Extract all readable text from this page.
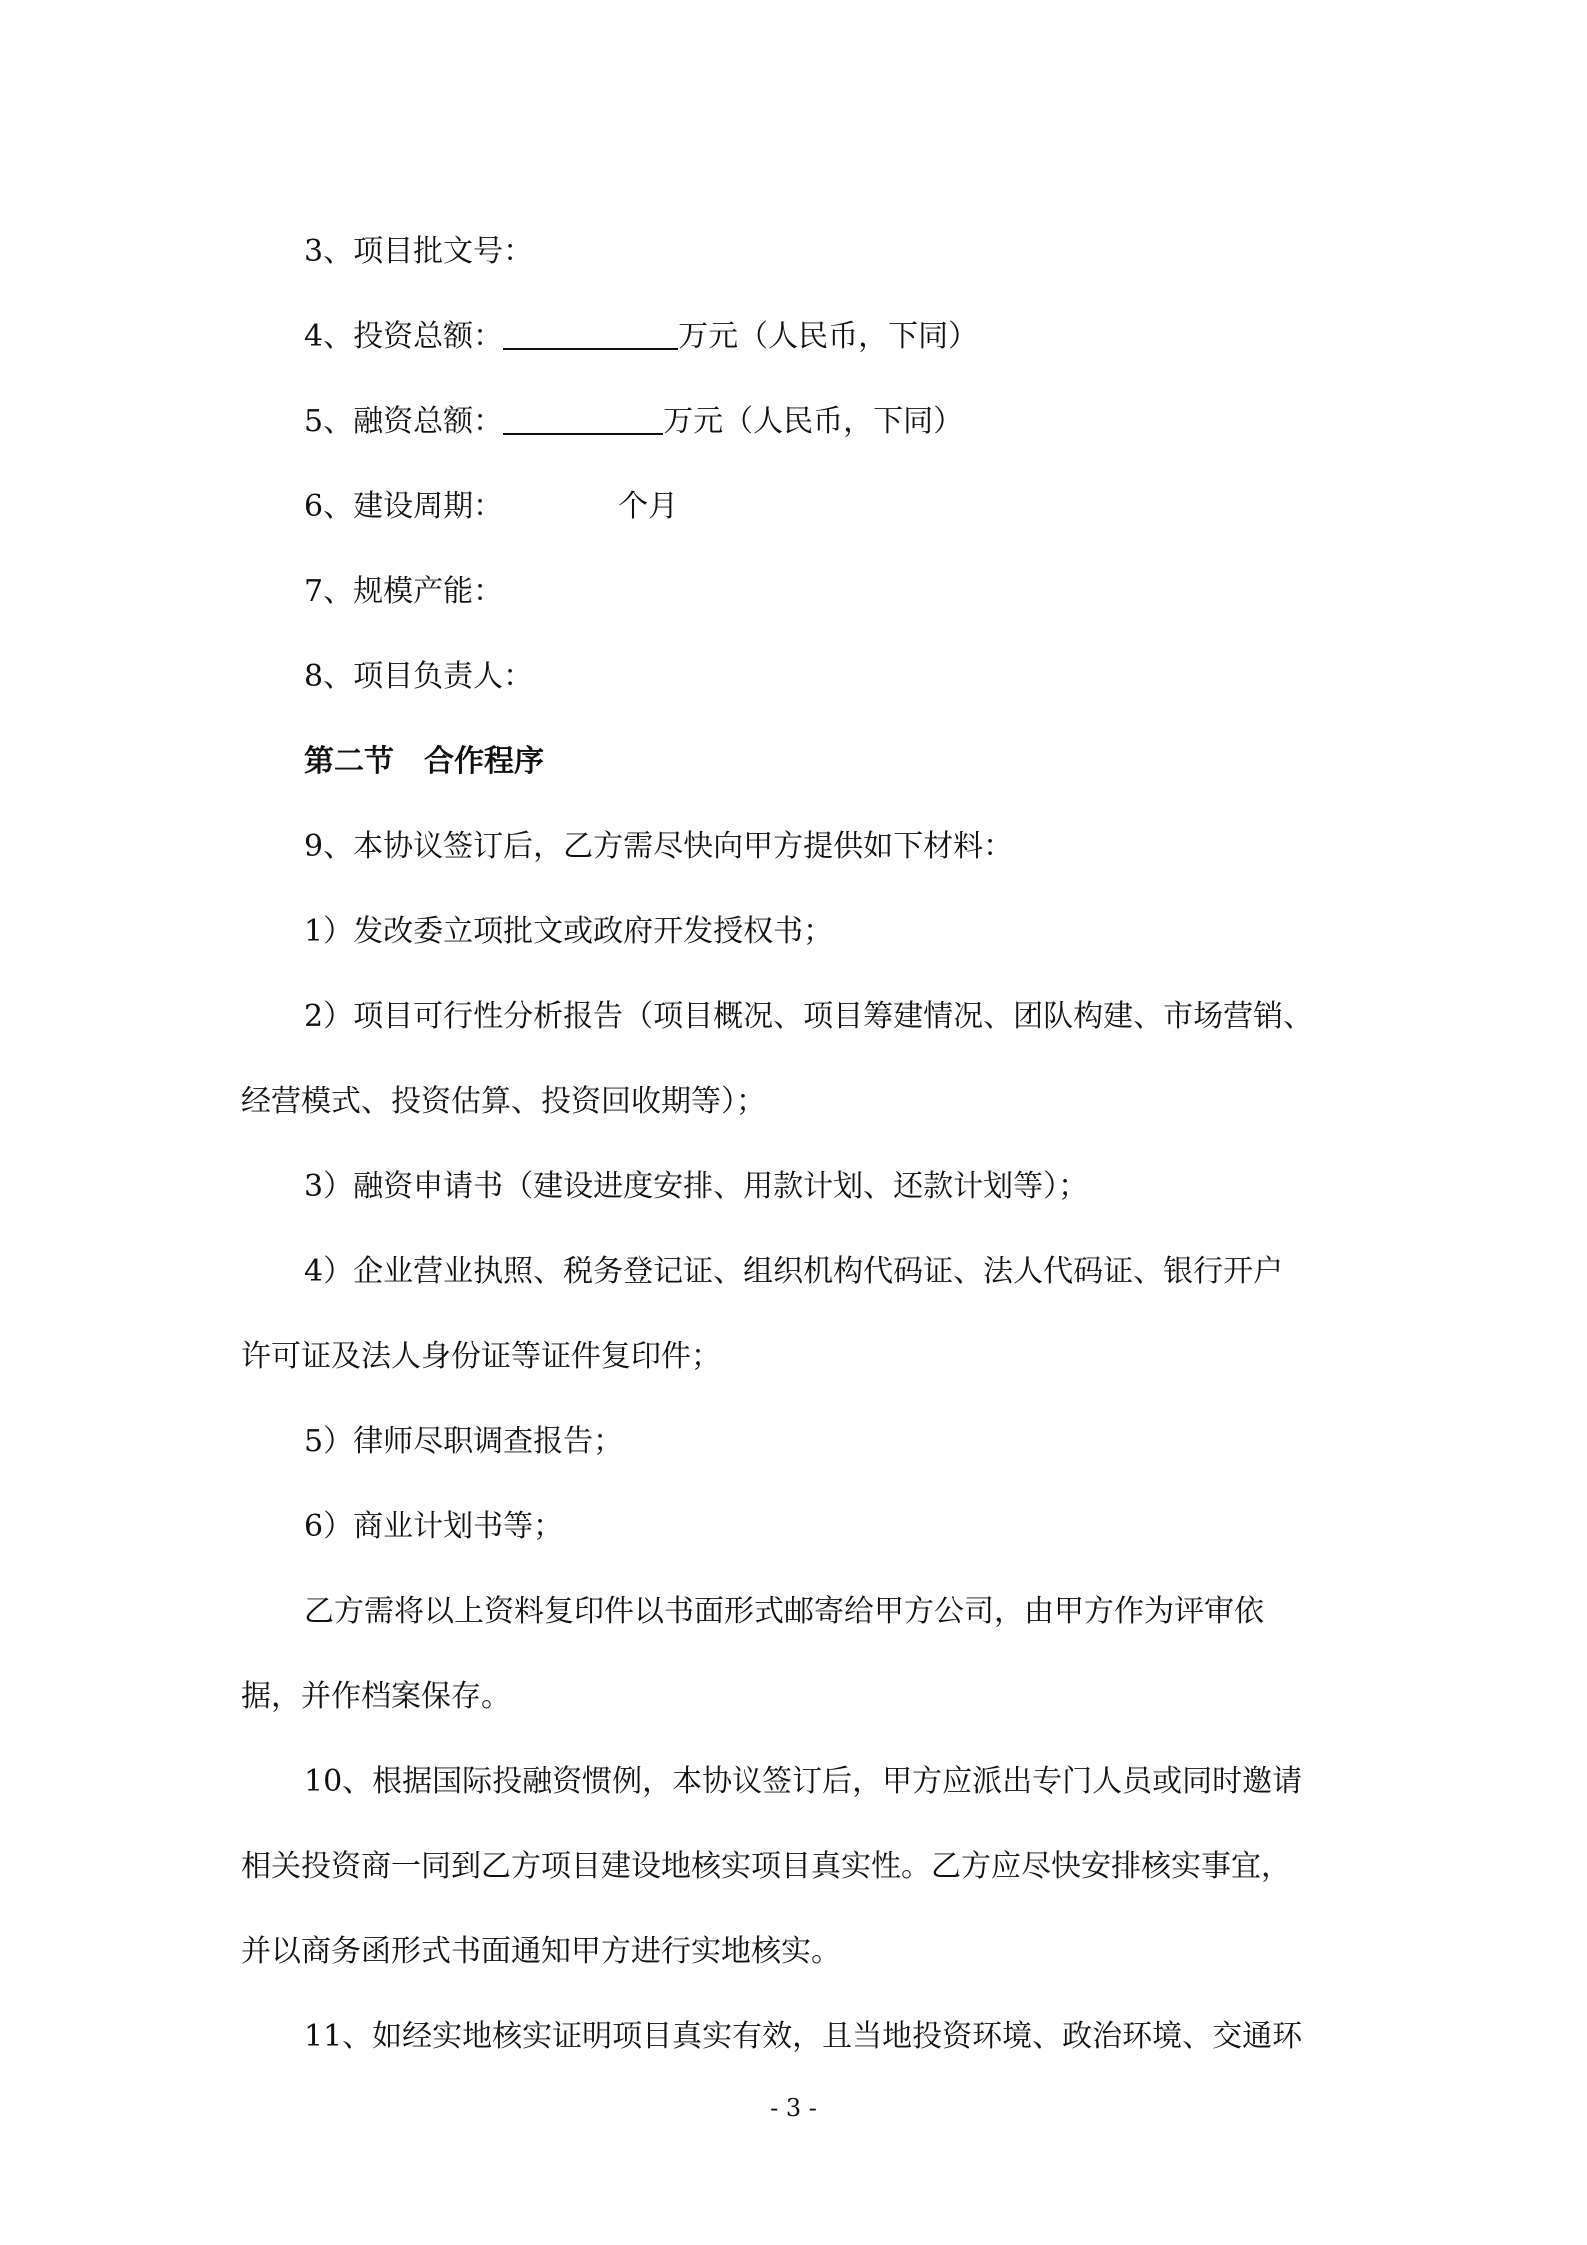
3、项目批文号：
4、投资总额：	万元（人民币，下同）
5、融资总额：	万元（人民币，下同）
6、建设周期：	个月
7、规模产能：
8、项目负责人：
第二节　合作程序
9、本协议签订后，乙方需尽快向甲方提供如下材料：
1）发改委立项批文或政府开发授权书；
2）项目可行性分析报告（项目概况、项目筹建情况、团队构建、市场营销、
经营模式、投资估算、投资回收期等）；
3）融资申请书（建设进度安排、用款计划、还款计划等）；
4）企业营业执照、税务登记证、组织机构代码证、法人代码证、银行开户
许可证及法人身份证等证件复印件；
5）律师尽职调查报告；
6）商业计划书等；
乙方需将以上资料复印件以书面形式邮寄给甲方公司，由甲方作为评审依
据，并作档案保存。
10、根据国际投融资惯例，本协议签订后，甲方应派出专门人员或同时邀请
相关投资商一同到乙方项目建设地核实项目真实性。乙方应尽快安排核实事宜，
并以商务函形式书面通知甲方进行实地核实。
11、如经实地核实证明项目真实有效，且当地投资环境、政治环境、交通环
- 3 -
